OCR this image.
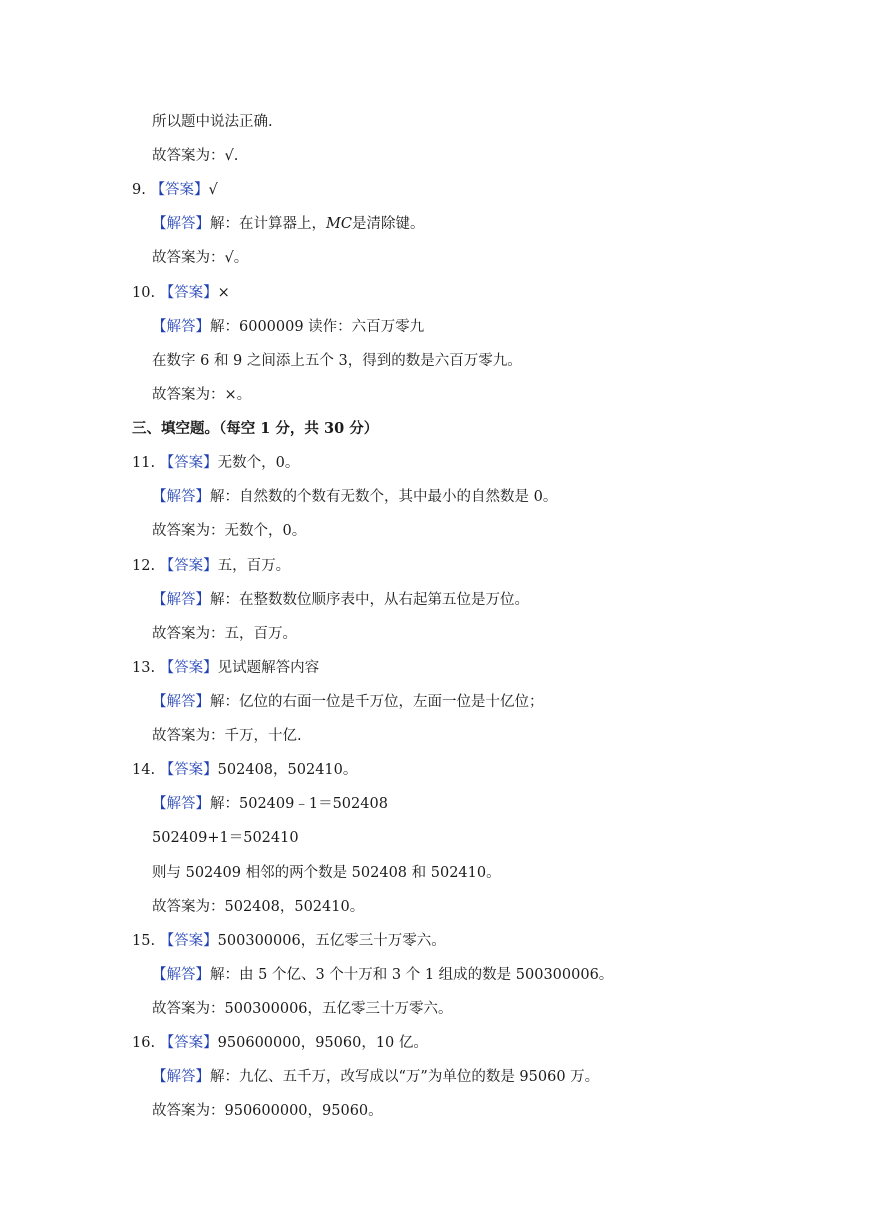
所以题中说法正确.
故答案为：√.
9. 【答案】√
【解答】解：在计算器上，MC是清除键。
故答案为：√。
10. 【答案】×
【解答】解：6000009 读作：六百万零九
在数字 6 和 9 之间添上五个 3，得到的数是六百万零九。
故答案为：×。
三、填空题。（每空 1 分，共 30 分）
11. 【答案】无数个，0。
【解答】解：自然数的个数有无数个，其中最小的自然数是 0。
故答案为：无数个，0。
12. 【答案】五，百万。
【解答】解：在整数数位顺序表中，从右起第五位是万位。
故答案为：五，百万。
13. 【答案】见试题解答内容
【解答】解：亿位的右面一位是千万位，左面一位是十亿位；
故答案为：千万，十亿.
14. 【答案】502408，502410。
【解答】解：502409﹣1＝502408
502409+1＝502410
则与 502409 相邻的两个数是 502408 和 502410。
故答案为：502408，502410。
15. 【答案】500300006，五亿零三十万零六。
【解答】解：由 5 个亿、3 个十万和 3 个 1 组成的数是 500300006。
故答案为：500300006，五亿零三十万零六。
16. 【答案】950600000，95060，10 亿。
【解答】解：九亿、五千万，改写成以“万”为单位的数是 95060 万。
故答案为：950600000，95060。
